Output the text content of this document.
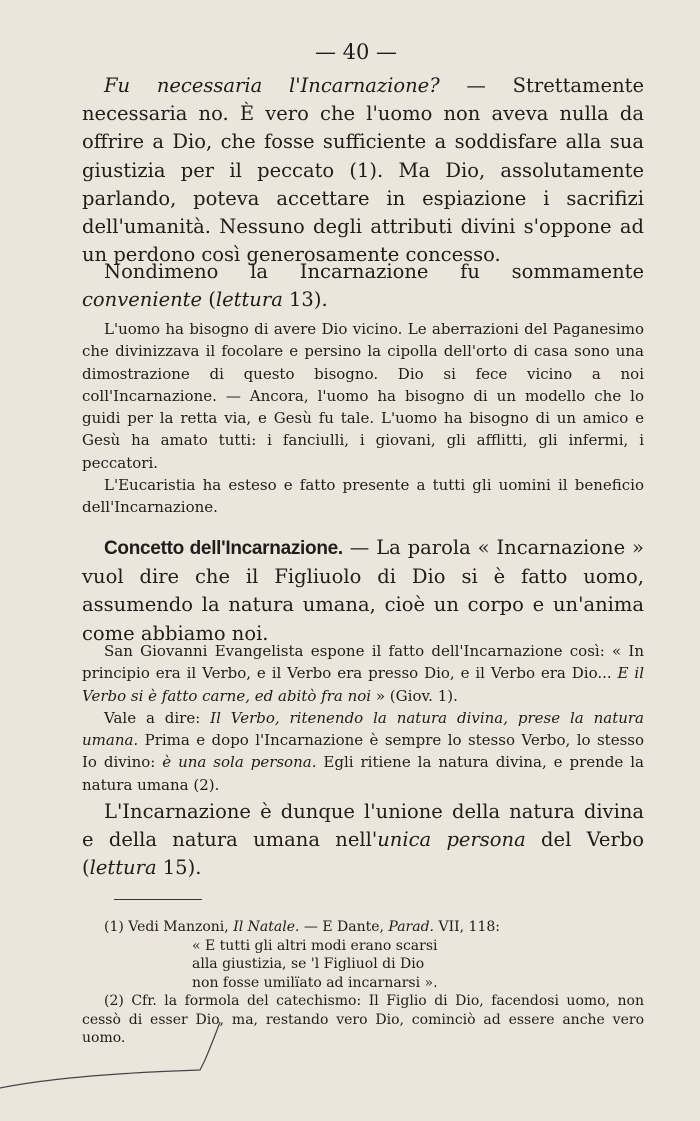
— 40 —
Fu necessaria l'Incarnazione? — Strettamente necessaria no. È vero che l'uomo non aveva nulla da offrire a Dio, che fosse sufficiente a soddisfare alla sua giustizia per il peccato (1). Ma Dio, assolutamente parlando, poteva accettare in espiazione i sacrifizi dell'umanità. Nessuno degli attributi divini s'oppone ad un perdono così generosamente concesso.
Nondimeno la Incarnazione fu sommamente conveniente (lettura 13).

L'uomo ha bisogno di avere Dio vicino. Le aberrazioni del Paganesimo che divinizzava il focolare e persino la cipolla dell'orto di casa sono una dimostrazione di questo bisogno. Dio si fece vicino a noi coll'Incarnazione. — Ancora, l'uomo ha bisogno di un modello che lo guidi per la retta via, e Gesù fu tale. L'uomo ha bisogno di un amico e Gesù ha amato tutti: i fanciulli, i giovani, gli afflitti, gli infermi, i peccatori.

L'Eucaristia ha esteso e fatto presente a tutti gli uomini il beneficio dell'Incarnazione.

Concetto dell'Incarnazione. — La parola « Incarnazione » vuol dire che il Figliuolo di Dio si è fatto uomo, assumendo la natura umana, cioè un corpo e un'anima come abbiamo noi.

San Giovanni Evangelista espone il fatto dell'Incarnazione così: « In principio era il Verbo, e il Verbo era presso Dio, e il Verbo era Dio... E il Verbo si è fatto carne, ed abitò fra noi » (Giov. 1).

Vale a dire: Il Verbo, ritenendo la natura divina, prese la natura umana. Prima e dopo l'Incarnazione è sempre lo stesso Verbo, lo stesso Io divino: è una sola persona. Egli ritiene la natura divina, e prende la natura umana (2).

L'Incarnazione è dunque l'unione della natura divina e della natura umana nell'unica persona del Verbo (lettura 15).

(1) Vedi Manzoni, Il Natale. — E Dante, Parad. VII, 118:

« E tutti gli altri modi erano scarsi

alla giustizia, se 'l Figliuol di Dio

non fosse umilïato ad incarnarsi ».

(2) Cfr. la formola del catechismo: Il Figlio di Dio, facendosi uomo, non cessò di esser Dio, ma, restando vero Dio, cominciò ad essere anche vero uomo.
